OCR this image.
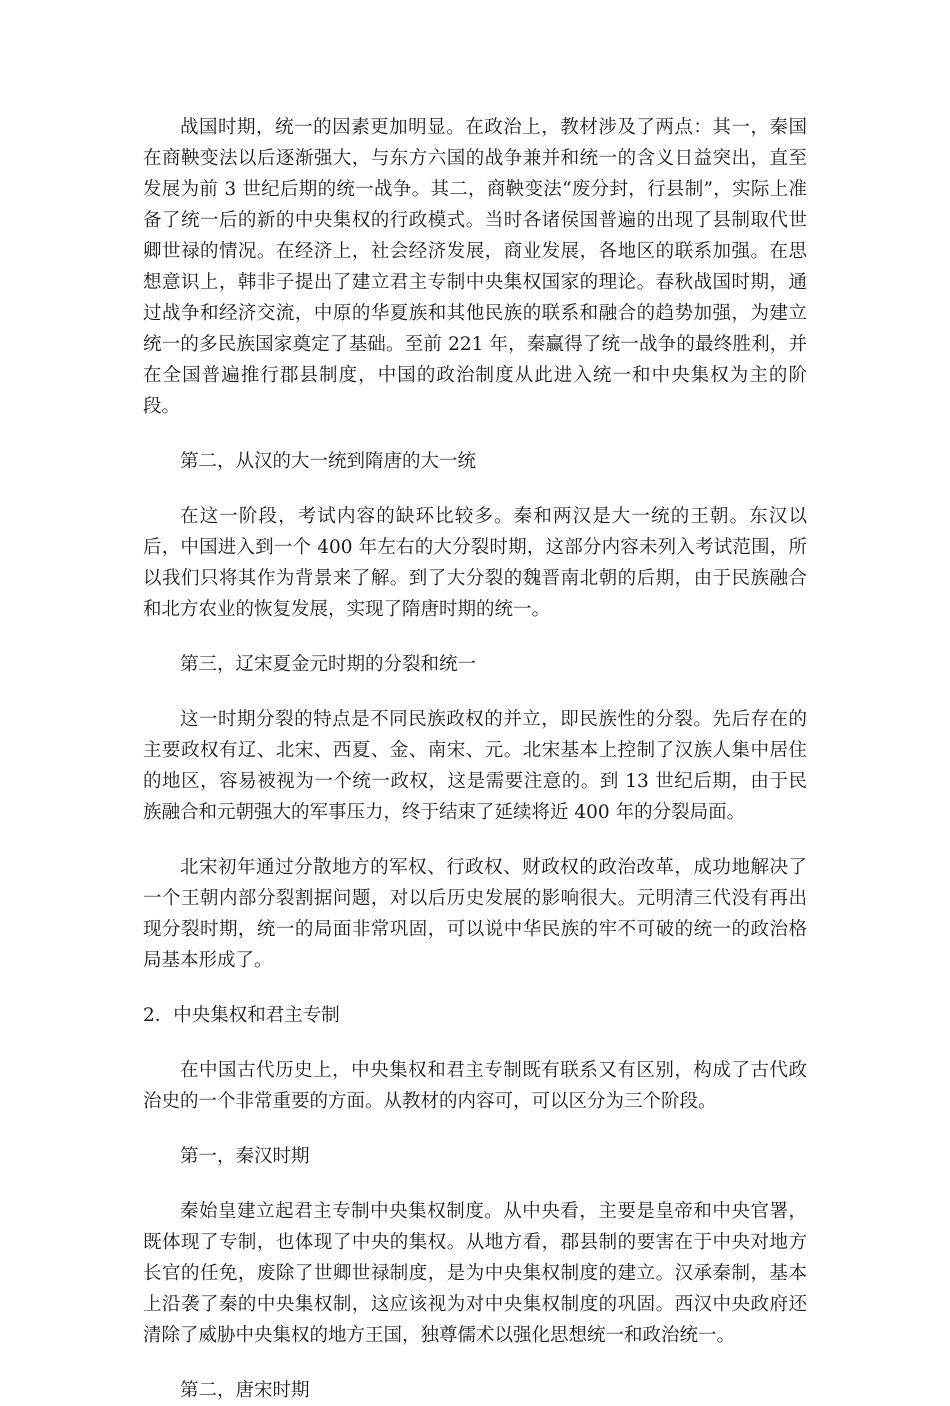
战国时期，统一的因素更加明显。在政治上，教材涉及了两点：其一，秦国在商鞅变法以后逐渐强大，与东方六国的战争兼并和统一的含义日益突出，直至发展为前 3 世纪后期的统一战争。其二，商鞅变法“废分封，行县制”，实际上准备了统一后的新的中央集权的行政模式。当时各诸侯国普遍的出现了县制取代世卿世禄的情况。在经济上，社会经济发展，商业发展，各地区的联系加强。在思想意识上，韩非子提出了建立君主专制中央集权国家的理论。春秋战国时期，通过战争和经济交流，中原的华夏族和其他民族的联系和融合的趋势加强，为建立统一的多民族国家奠定了基础。至前 221 年，秦赢得了统一战争的最终胜利，并在全国普遍推行郡县制度，中国的政治制度从此进入统一和中央集权为主的阶段。

第二，从汉的大一统到隋唐的大一统

在这一阶段，考试内容的缺环比较多。秦和两汉是大一统的王朝。东汉以后，中国进入到一个 400 年左右的大分裂时期，这部分内容未列入考试范围，所以我们只将其作为背景来了解。到了大分裂的魏晋南北朝的后期，由于民族融合和北方农业的恢复发展，实现了隋唐时期的统一。

第三，辽宋夏金元时期的分裂和统一

这一时期分裂的特点是不同民族政权的并立，即民族性的分裂。先后存在的主要政权有辽、北宋、西夏、金、南宋、元。北宋基本上控制了汉族人集中居住的地区，容易被视为一个统一政权，这是需要注意的。到 13 世纪后期，由于民族融合和元朝强大的军事压力，终于结束了延续将近 400 年的分裂局面。

北宋初年通过分散地方的军权、行政权、财政权的政治改革，成功地解决了一个王朝内部分裂割据问题，对以后历史发展的影响很大。元明清三代没有再出现分裂时期，统一的局面非常巩固，可以说中华民族的牢不可破的统一的政治格局基本形成了。

2．中央集权和君主专制

在中国古代历史上，中央集权和君主专制既有联系又有区别，构成了古代政治史的一个非常重要的方面。从教材的内容可，可以区分为三个阶段。

第一，秦汉时期

秦始皇建立起君主专制中央集权制度。从中央看，主要是皇帝和中央官署，既体现了专制，也体现了中央的集权。从地方看，郡县制的要害在于中央对地方长官的任免，废除了世卿世禄制度，是为中央集权制度的建立。汉承秦制，基本上沿袭了秦的中央集权制，这应该视为对中央集权制度的巩固。西汉中央政府还清除了威胁中央集权的地方王国，独尊儒术以强化思想统一和政治统一。

第二，唐宋时期
